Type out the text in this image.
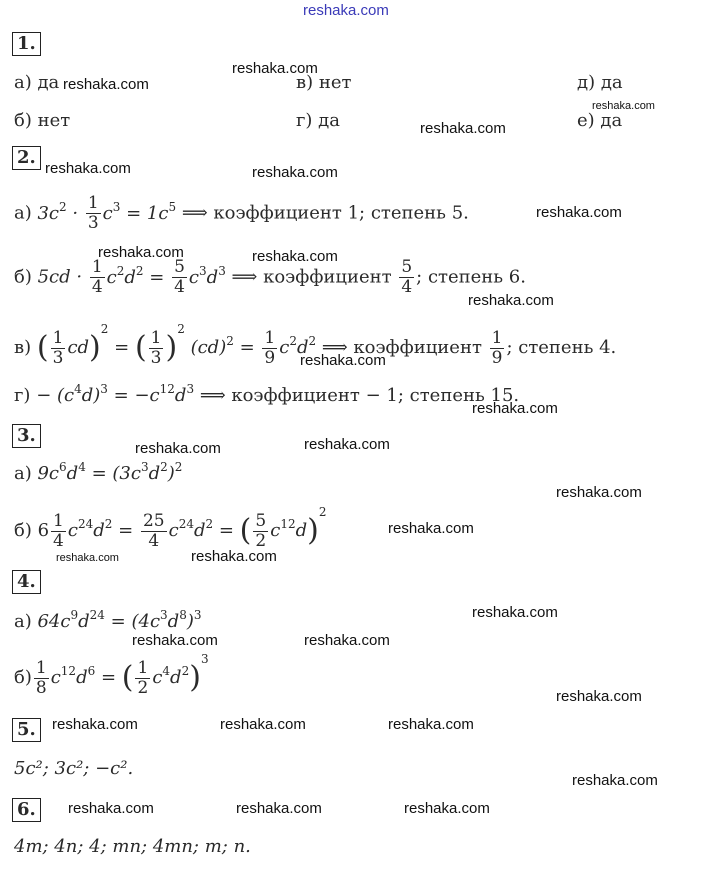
reshaka.com
1.
а) да
б) нет
в) нет
г) да
д) да
е) да
reshaka.com
reshaka.com
reshaka.com
reshaka.com
2.
reshaka.com	reshaka.com
а) $3c^2 \cdot \frac{1}{3} c^3 = 1c^5$ ⟹ коэффициент 1; степень 5.	reshaka.com
reshaka.com	reshaka.com
б) $5cd \cdot \frac{1}{4} c^2d^2 = \frac{5}{4} c^3d^3$ ⟹ коэффициент $\frac{5}{4}$ ; степень 6.
reshaka.com
в) ( $\frac{1}{3} cd)^2$ = ( $\frac{1}{3} )^2$ $(cd)^2 = \frac{1}{9} c^2d^2$ ⟹ коэффициент $\frac{1}{9}$ ; степень 4.
reshaka.com
$г) - (c^4d)^3 = -c^{12}d^3$ ⟹ коэффициент − 1; степень 15.
reshaka.com
3.
reshaka.com	reshaka.com
а) $9c^6d^4 = (3c^3d^2)^2$
reshaka.com
б) $6 \frac{1}{4} c^{24}d^2 = \frac{25}{4} c^{24}d^2$ = ( $\frac{5}{2} c^{12}d)^2$
reshaka.com
reshaka.com	reshaka.com
4.
а) $64c^9d^{24} = (4c^3d^8)^3$	reshaka.com
reshaka.com	reshaka.com
$б) \frac{1}{8} c^{12}d^6$ = ( $\frac{1}{2} c^4d^2)^3$
reshaka.com
5.	reshaka.com	reshaka.com	reshaka.com
5c²; 3c²; −c².
reshaka.com
6.	reshaka.com	reshaka.com	reshaka.com
4m; 4n; 4; mn; 4mn; m; n.
